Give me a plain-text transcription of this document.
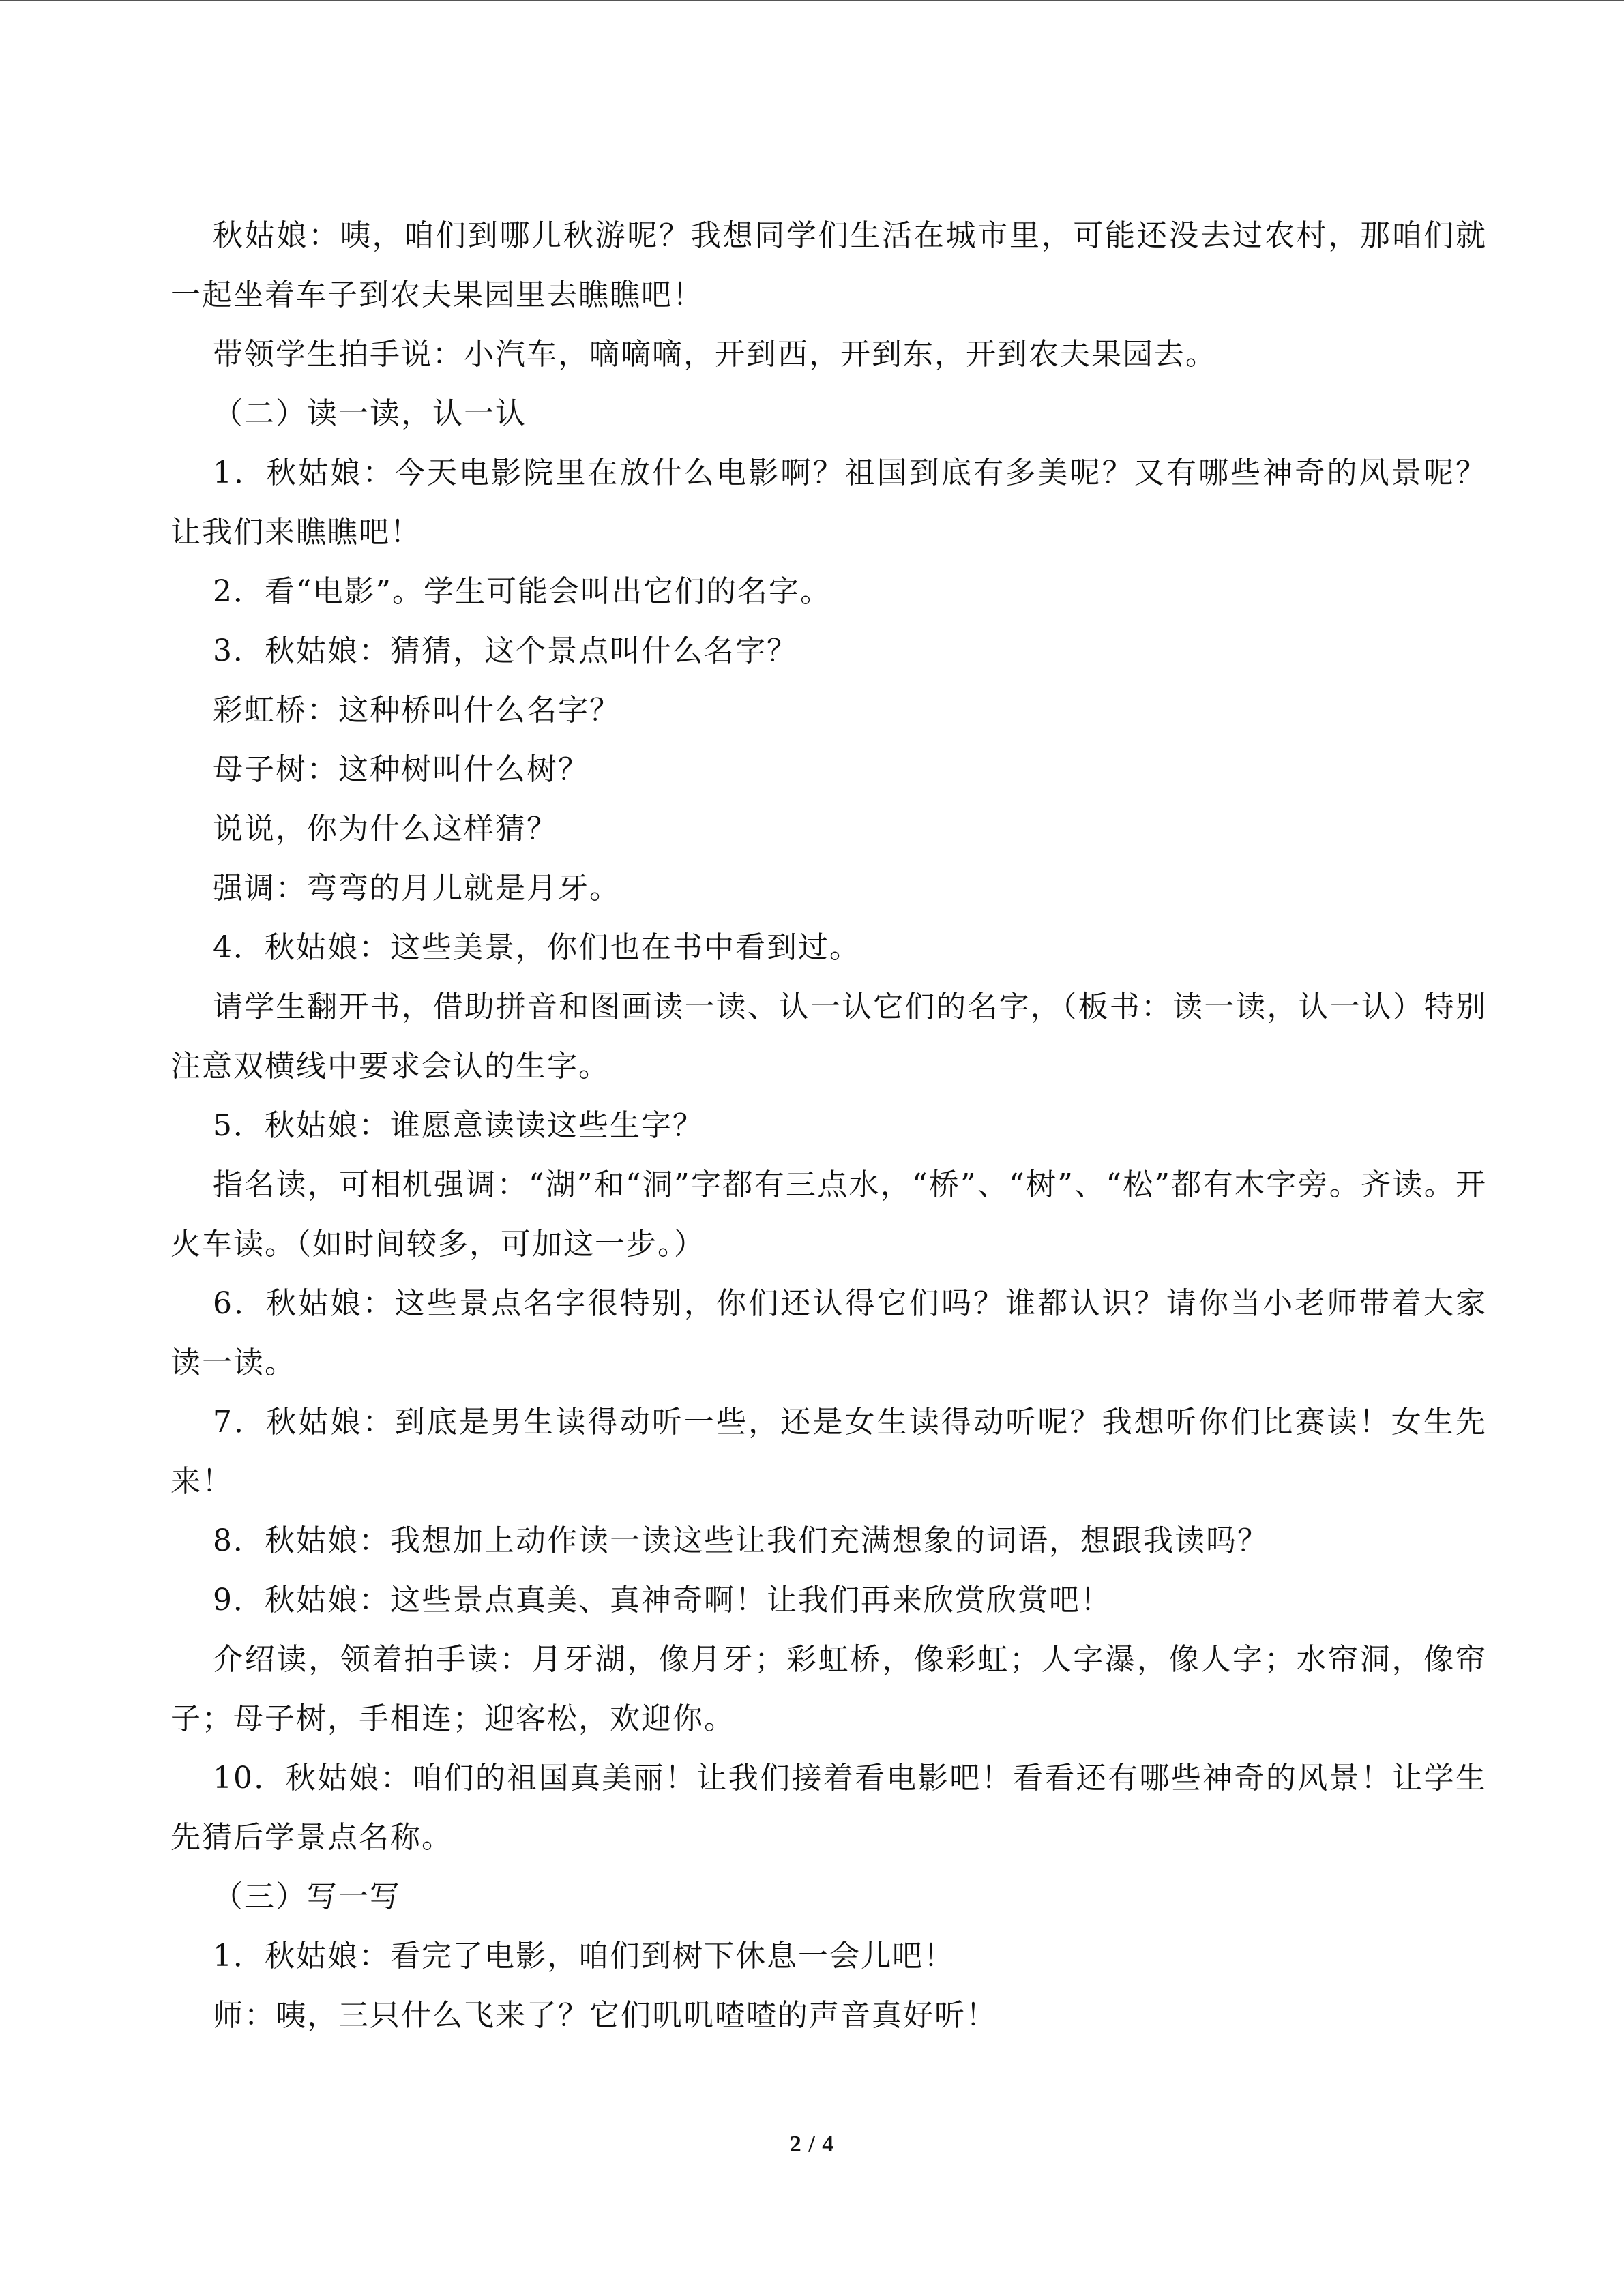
秋姑娘：咦，咱们到哪儿秋游呢？我想同学们生活在城市里，可能还没去过农村，那咱们就一起坐着车子到农夫果园里去瞧瞧吧！

带领学生拍手说：小汽车，嘀嘀嘀，开到西，开到东，开到农夫果园去。

（二）读一读，认一认

1．秋姑娘：今天电影院里在放什么电影啊？祖国到底有多美呢？又有哪些神奇的风景呢？让我们来瞧瞧吧！

2．看“电影”。学生可能会叫出它们的名字。

3．秋姑娘：猜猜，这个景点叫什么名字？

彩虹桥：这种桥叫什么名字？

母子树：这种树叫什么树？

说说，你为什么这样猜？

强调：弯弯的月儿就是月牙。

4．秋姑娘：这些美景，你们也在书中看到过。

请学生翻开书，借助拼音和图画读一读、认一认它们的名字，（板书：读一读，认一认）特别注意双横线中要求会认的生字。

5．秋姑娘：谁愿意读读这些生字？

指名读，可相机强调：“湖”和“洞”字都有三点水，“桥”、“树”、“松”都有木字旁。齐读。开火车读。（如时间较多，可加这一步。）

6．秋姑娘：这些景点名字很特别，你们还认得它们吗？谁都认识？请你当小老师带着大家读一读。

7．秋姑娘：到底是男生读得动听一些，还是女生读得动听呢？我想听你们比赛读！女生先来！

8．秋姑娘：我想加上动作读一读这些让我们充满想象的词语，想跟我读吗？

9．秋姑娘：这些景点真美、真神奇啊！让我们再来欣赏欣赏吧！

介绍读，领着拍手读：月牙湖，像月牙；彩虹桥，像彩虹；人字瀑，像人字；水帘洞，像帘子；母子树，手相连；迎客松，欢迎你。

10．秋姑娘：咱们的祖国真美丽！让我们接着看电影吧！看看还有哪些神奇的风景！让学生先猜后学景点名称。

（三）写一写

1．秋姑娘：看完了电影，咱们到树下休息一会儿吧！

师：咦，三只什么飞来了？它们叽叽喳喳的声音真好听！

2 / 4
